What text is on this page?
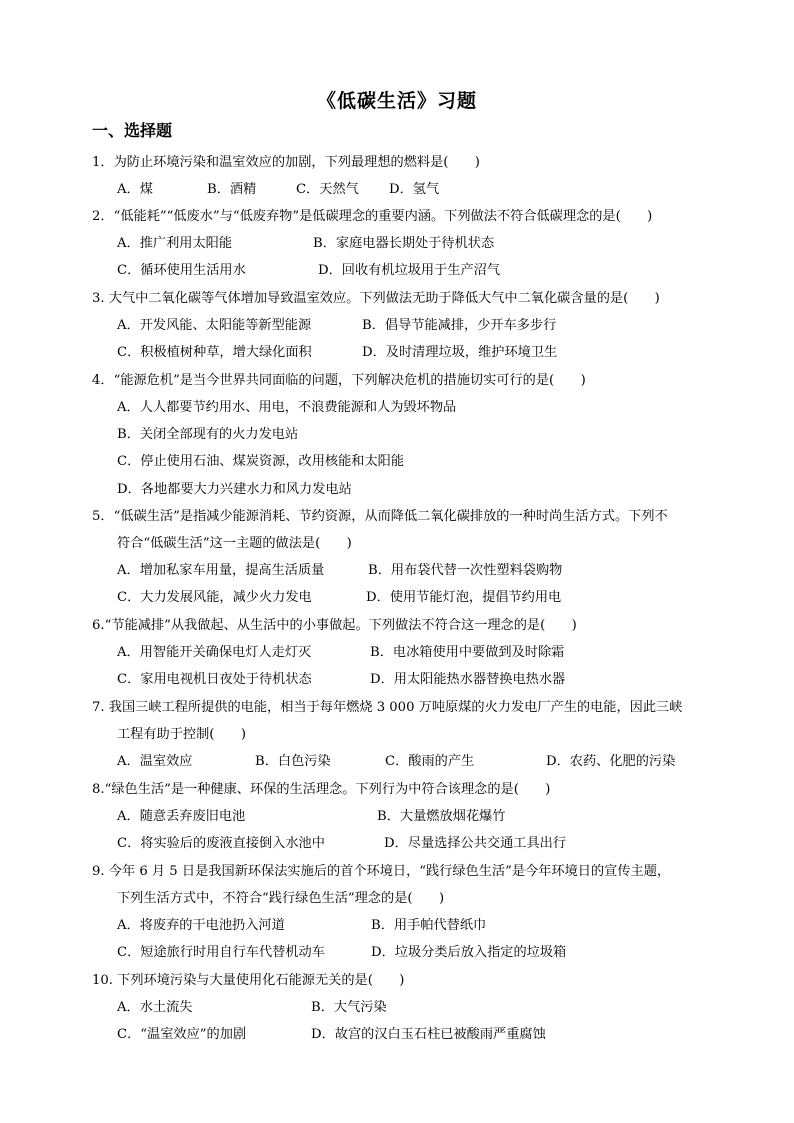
《低碳生活》习题
一、选择题
1．为防止环境污染和温室效应的加剧，下列最理想的燃料是(　　)
A．煤	B．酒精	C．天然气 D．氢气
2．“低能耗”“低废水”与“低废弃物”是低碳理念的重要内涵。下列做法不符合低碳理念的是(　　)
A．推广利用太阳能	B．家庭电器长期处于待机状态
C．循环使用生活用水	D．回收有机垃圾用于生产沼气
3. 大气中二氧化碳等气体增加导致温室效应。下列做法无助于降低大气中二氧化碳含量的是(　　)
A．开发风能、太阳能等新型能源	B．倡导节能减排，少开车多步行
C．积极植树种草，增大绿化面积	D．及时清理垃圾，维护环境卫生
4．“能源危机”是当今世界共同面临的问题，下列解决危机的措施切实可行的是(　　)
A．人人都要节约用水、用电，不浪费能源和人为毁坏物品
B．关闭全部现有的火力发电站
C．停止使用石油、煤炭资源，改用核能和太阳能
D．各地都要大力兴建水力和风力发电站
5．“低碳生活”是指减少能源消耗、节约资源，从而降低二氧化碳排放的一种时尚生活方式。下列不
符合“低碳生活”这一主题的做法是(　　)
A．增加私家车用量，提高生活质量	B．用布袋代替一次性塑料袋购物
C．大力发展风能，减少火力发电	D．使用节能灯泡，提倡节约用电
6.“节能减排”从我做起、从生活中的小事做起。下列做法不符合这一理念的是(　　)
A．用智能开关确保电灯人走灯灭	B．电冰箱使用中要做到及时除霜
C．家用电视机日夜处于待机状态	D．用太阳能热水器替换电热水器
7. 我国三峡工程所提供的电能，相当于每年燃烧 3 000 万吨原煤的火力发电厂产生的电能，因此三峡
工程有助于控制(　　)
A．温室效应	B．白色污染	C．酸雨的产生	D．农药、化肥的污染
8.“绿色生活”是一种健康、环保的生活理念。下列行为中符合该理念的是(　　)
A．随意丢弃废旧电池	B．大量燃放烟花爆竹
C．将实验后的废液直接倒入水池中	D．尽量选择公共交通工具出行
9. 今年 6 月 5 日是我国新环保法实施后的首个环境日，“践行绿色生活”是今年环境日的宣传主题，
下列生活方式中，不符合“践行绿色生活”理念的是(　　)
A．将废弃的干电池扔入河道	B．用手帕代替纸巾
C．短途旅行时用自行车代替机动车	D．垃圾分类后放入指定的垃圾箱
10. 下列环境污染与大量使用化石能源无关的是(　　)
A．水土流失	B．大气污染
C．“温室效应”的加剧	D．故宫的汉白玉石柱已被酸雨严重腐蚀
